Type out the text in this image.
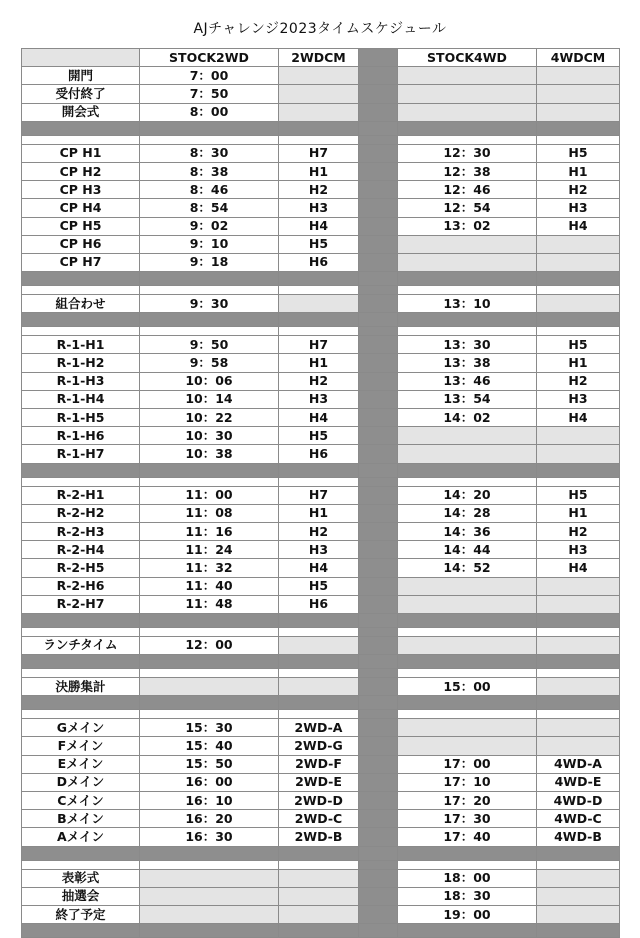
AJチャレンジ2023タイムスケジュール
	STOCK2WD	2WDCM		STOCK4WD	4WDCM
開門	7：00				
受付終了	7：50				
開会式	8：00				

CP H1	8：30	H7		12：30	H5
CP H2	8：38	H1		12：38	H1
CP H3	8：46	H2		12：46	H2
CP H4	8：54	H3		12：54	H3
CP H5	9：02	H4		13：02	H4
CP H6	9：10	H5			
CP H7	9：18	H6			

組合わせ	9：30			13：10	

R-1-H1	9：50	H7		13：30	H5
R-1-H2	9：58	H1		13：38	H1
R-1-H3	10：06	H2		13：46	H2
R-1-H4	10：14	H3		13：54	H3
R-1-H5	10：22	H4		14：02	H4
R-1-H6	10：30	H5			
R-1-H7	10：38	H6			

R-2-H1	11：00	H7		14：20	H5
R-2-H2	11：08	H1		14：28	H1
R-2-H3	11：16	H2		14：36	H2
R-2-H4	11：24	H3		14：44	H3
R-2-H5	11：32	H4		14：52	H4
R-2-H6	11：40	H5			
R-2-H7	11：48	H6			

ランチタイム	12：00				

決勝集計				15：00	

Gメイン	15：30	2WD-A			
Fメイン	15：40	2WD-G			
Eメイン	15：50	2WD-F		17：00	4WD-A
Dメイン	16：00	2WD-E		17：10	4WD-E
Cメイン	16：10	2WD-D		17：20	4WD-D
Bメイン	16：20	2WD-C		17：30	4WD-C
Aメイン	16：30	2WD-B		17：40	4WD-B

表彰式				18：00	
抽選会				18：30	
終了予定				19：00	
